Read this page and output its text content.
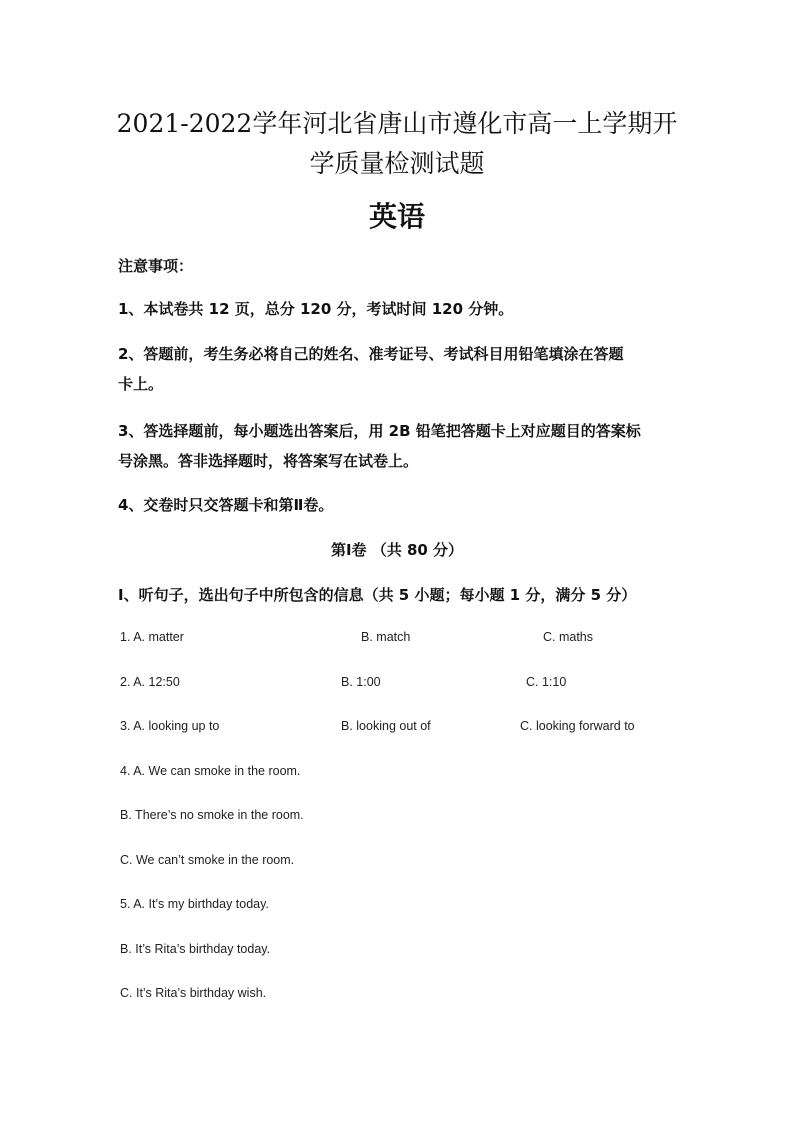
2021-2022学年河北省唐山市遵化市高一上学期开
学质量检测试题
英语
注意事项：
1、本试卷共 12 页，总分 120 分，考试时间 120 分钟。
2、答题前，考生务必将自己的姓名、准考证号、考试科目用铅笔填涂在答题
卡上。
3、答选择题前，每小题选出答案后，用 2B 铅笔把答题卡上对应题目的答案标
号涂黑。答非选择题时，将答案写在试卷上。
4、交卷时只交答题卡和第Ⅱ卷。
第Ⅰ卷 （共 80 分）
Ⅰ、听句子，选出句子中所包含的信息（共 5 小题；每小题 1 分，满分 5 分）
1. A. matter	B. match	C. maths
2. A. 12:50	B. 1:00	C. 1:10
3. A. looking up to	B. looking out of	C. looking forward to
4. A. We can smoke in the room.
B. There’s no smoke in the room.
C. We can’t smoke in the room.
5. A. It’s my birthday today.
B. It’s Rita’s birthday today.
C. It’s Rita’s birthday wish.
